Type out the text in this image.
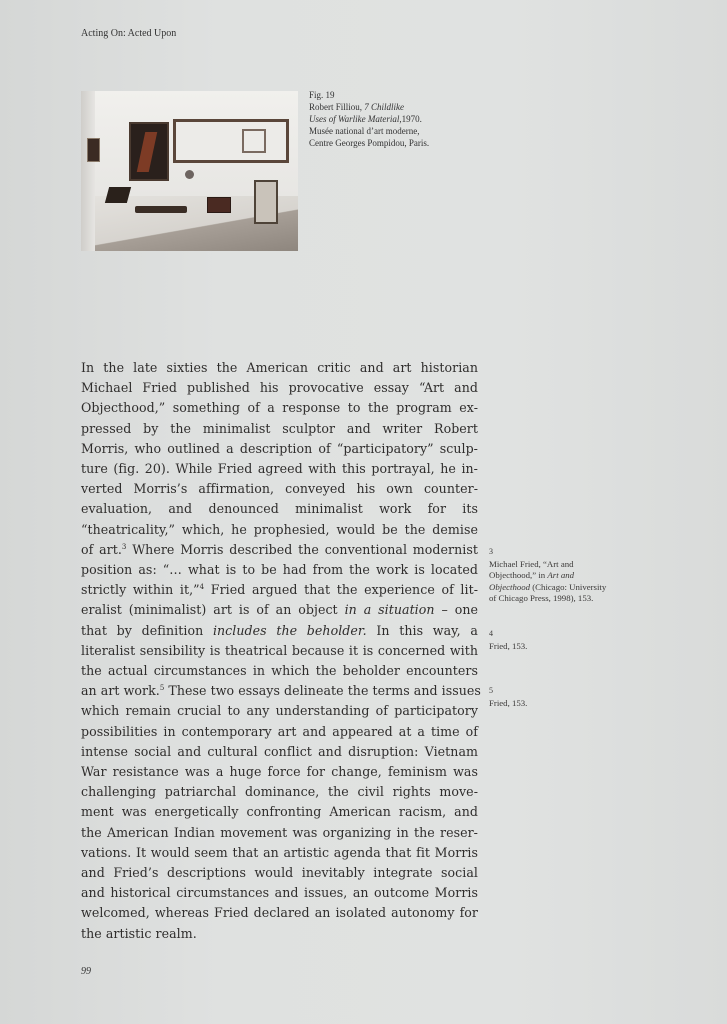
Acting On: Acted Upon
Fig. 19
Robert Filliou, 7 Childlike
Uses of Warlike Material,1970.
Musée national d’art moderne,
Centre Georges Pompidou, Paris.
In the late sixties the American critic and art historian
Michael Fried published his provocative essay “Art and
Objecthood,” something of a response to the program ex-
pressed by the minimalist sculptor and writer Robert
Morris, who outlined a description of “participatory” sculp-
ture (fig. 20). While Fried agreed with this portrayal, he in-
verted Morris’s affirmation, conveyed his own counter-
evaluation, and denounced minimalist work for its
“theatricality,” which, he prophesied, would be the demise
of art.$^3$ Where Morris described the conventional modernist
position as: “… what is to be had from the work is located
strictly within it,”$^4$ Fried argued that the experience of lit-
eralist (minimalist) art is of an object in a situation – one
that by definition includes the beholder. In this way, a
literalist sensibility is theatrical because it is concerned with
the actual circumstances in which the beholder encounters
an art work.$^5$ These two essays delineate the terms and issues
which remain crucial to any understanding of participatory
possibilities in contemporary art and appeared at a time of
intense social and cultural conflict and disruption: Vietnam
War resistance was a huge force for change, feminism was
challenging patriarchal dominance, the civil rights move-
ment was energetically confronting American racism, and
the American Indian movement was organizing in the reser-
vations. It would seem that an artistic agenda that fit Morris
and Fried’s descriptions would inevitably integrate social
and historical circumstances and issues, an outcome Morris
welcomed, whereas Fried declared an isolated autonomy for
the artistic realm.
3
Michael Fried, “Art and Objecthood,” in Art and Objecthood (Chicago: University of Chicago Press, 1998), 153.
4
Fried, 153.
5
Fried, 153.
99
